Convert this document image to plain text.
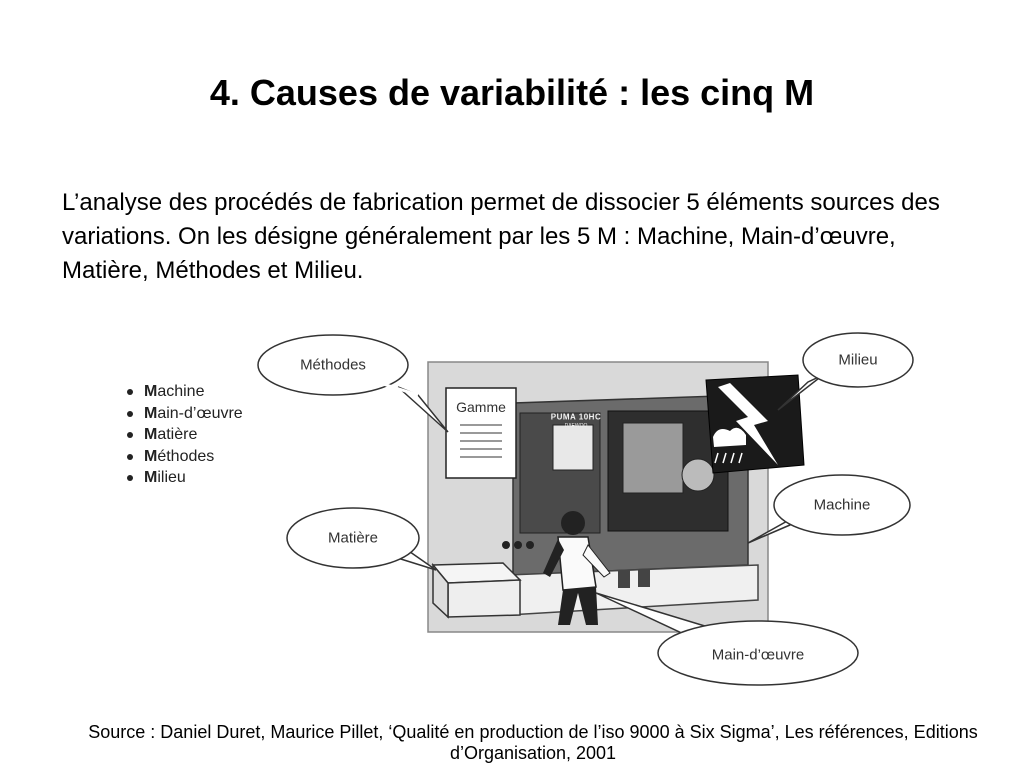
4. Causes de variabilité : les cinq M

L’analyse des procédés de fabrication permet de dissocier 5 éléments sources des variations. On les désigne généralement par les 5 M : Machine, Main-d’œuvre, Matière, Méthodes et Milieu.

Machine
Main-d’œuvre
Matière
Méthodes
Milieu
Méthodes	Milieu
Machine
Matière
Main-d’œuvre
Gamme
PUMA 10HC
DAEWOO

Source : Daniel Duret, Maurice Pillet, ‘Qualité en production de l’iso 9000 à Six Sigma’, Les références, Editions d’Organisation, 2001
